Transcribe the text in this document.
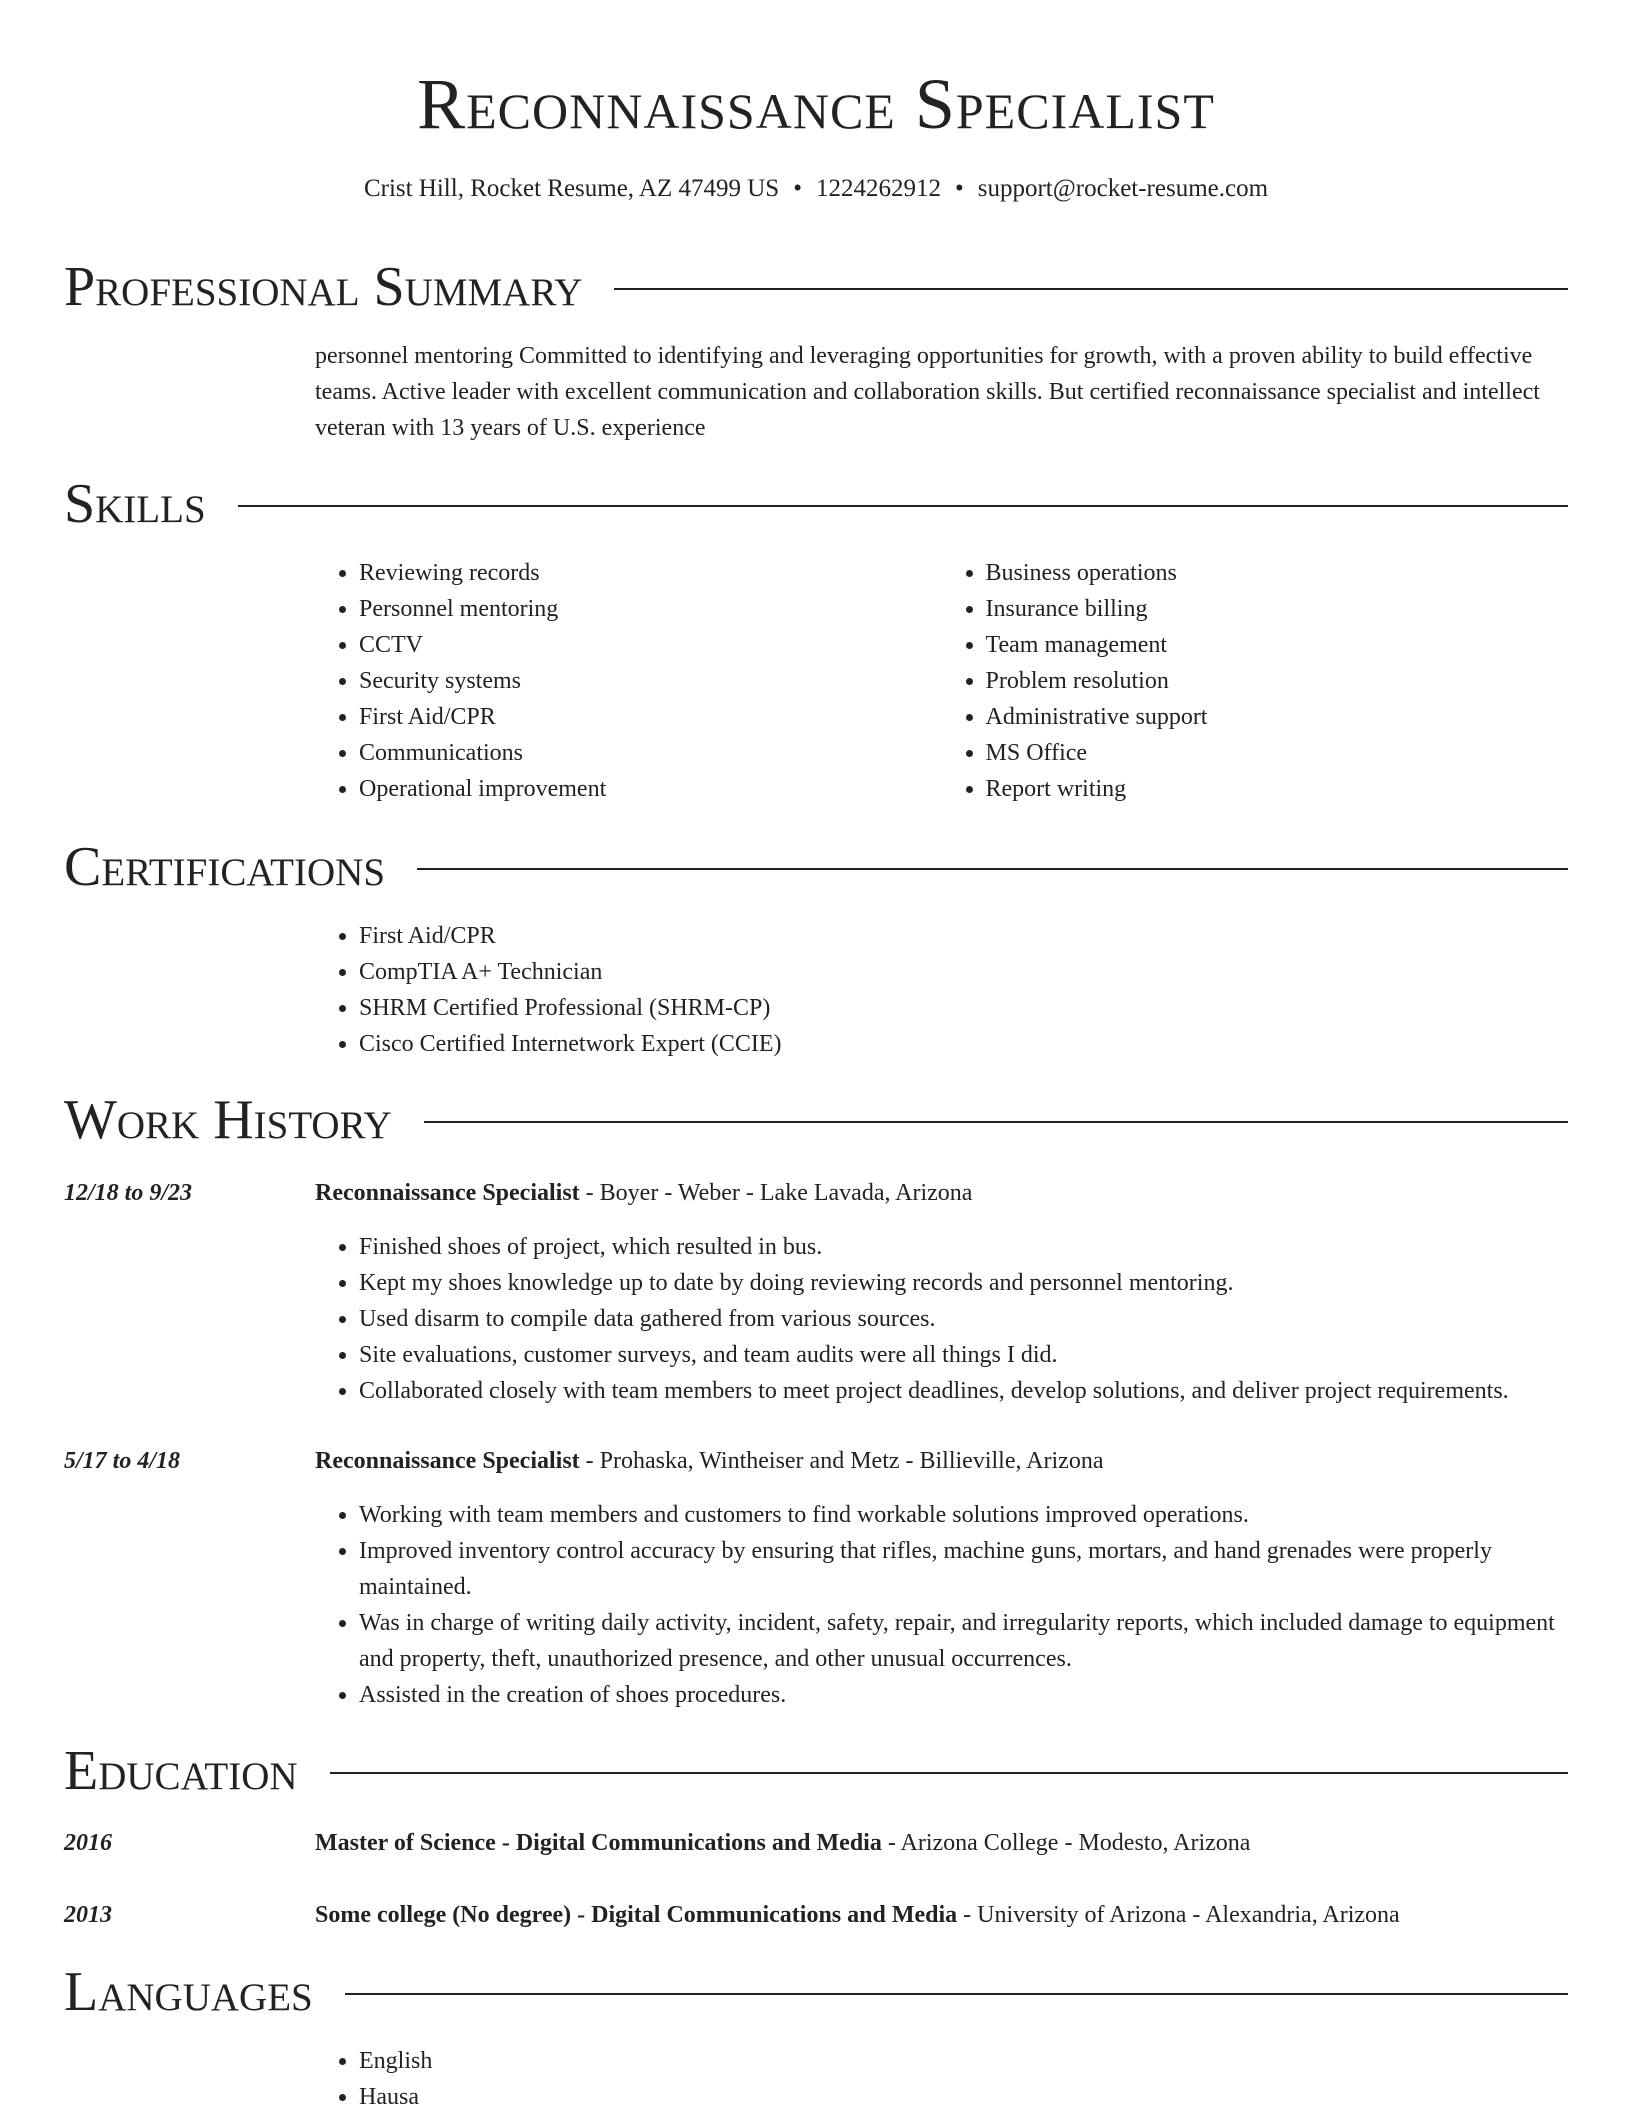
Reconnaissance Specialist
Crist Hill, Rocket Resume, AZ 47499 US • 1224262912 • support@rocket-resume.com
Professional Summary

personnel mentoring Committed to identifying and leveraging opportunities for growth, with a proven ability to build effective teams. Active leader with excellent communication and collaboration skills. But certified reconnaissance specialist and intellect veteran with 13 years of U.S. experience

Skills
• Reviewing records
• Personnel mentoring
• CCTV
• Security systems
• First Aid/CPR
• Communications
• Operational improvement
• Business operations
• Insurance billing
• Team management
• Problem resolution
• Administrative support
• MS Office
• Report writing
Certifications
• First Aid/CPR
• CompTIA A+ Technician
• SHRM Certified Professional (SHRM-CP)
• Cisco Certified Internetwork Expert (CCIE)
Work History
12/18 to 9/23	Reconnaissance Specialist - Boyer - Weber - Lake Lavada, Arizona
• Finished shoes of project, which resulted in bus.
• Kept my shoes knowledge up to date by doing reviewing records and personnel mentoring.
• Used disarm to compile data gathered from various sources.
• Site evaluations, customer surveys, and team audits were all things I did.
• Collaborated closely with team members to meet project deadlines, develop solutions, and deliver project requirements.
5/17 to 4/18	Reconnaissance Specialist - Prohaska, Wintheiser and Metz - Billieville, Arizona
• Working with team members and customers to find workable solutions improved operations.
• Improved inventory control accuracy by ensuring that rifles, machine guns, mortars, and hand grenades were properly maintained.
• Was in charge of writing daily activity, incident, safety, repair, and irregularity reports, which included damage to equipment and property, theft, unauthorized presence, and other unusual occurrences.
• Assisted in the creation of shoes procedures.
Education
2016	Master of Science - Digital Communications and Media - Arizona College - Modesto, Arizona
2013	Some college (No degree) - Digital Communications and Media - University of Arizona - Alexandria, Arizona
Languages
• English
• Hausa
